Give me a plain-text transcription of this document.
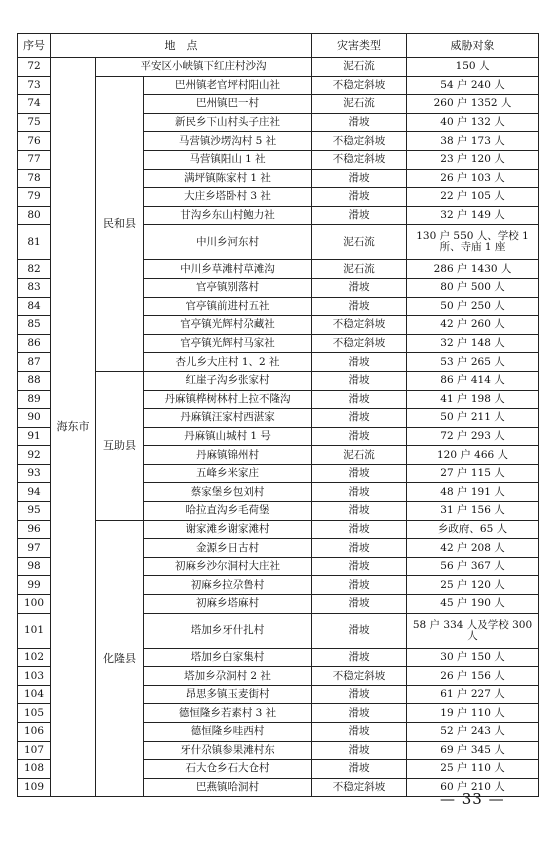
序号	地　点			灾害类型	威胁对象
72	海东市	平安区小峡镇下红庄村沙沟		泥石流	150 人
73		民和县	巴州镇老官坪村阳山社	不稳定斜坡	54 户 240 人
74			巴州镇巴一村	泥石流	260 户 1352 人
75			新民乡下山村头子庄社	滑坡	40 户 132 人
76			马营镇沙塄沟村 5 社	不稳定斜坡	38 户 173 人
77			马营镇阳山 1 社	不稳定斜坡	23 户 120 人
78			满坪镇陈家村 1 社	滑坡	26 户 103 人
79			大庄乡塔卧村 3 社	滑坡	22 户 105 人
80			甘沟乡东山村鲍力社	滑坡	32 户 149 人
81			中川乡河东村	泥石流	130 户 550 人、学校 1 所、寺庙 1 座
82			中川乡草滩村草滩沟	泥石流	286 户 1430 人
83			官亭镇别落村	滑坡	80 户 500 人
84			官亭镇前进村五社	滑坡	50 户 250 人
85			官亭镇光辉村尕藏社	不稳定斜坡	42 户 260 人
86			官亭镇光辉村马家社	不稳定斜坡	32 户 148 人
87			杏儿乡大庄村 1、2 社	滑坡	53 户 265 人
88		互助县	红崖子沟乡张家村	滑坡	86 户 414 人
89			丹麻镇桦树林村上拉不隆沟	滑坡	41 户 198 人
90			丹麻镇汪家村西湛家	滑坡	50 户 211 人
91			丹麻镇山城村 1 号	滑坡	72 户 293 人
92			丹麻镇锦州村	泥石流	120 户 466 人
93			五峰乡米家庄	滑坡	27 户 115 人
94			蔡家堡乡包刘村	滑坡	48 户 191 人
95			哈拉直沟乡毛荷堡	滑坡	31 户 156 人
96		化隆县	谢家滩乡谢家滩村	滑坡	乡政府、65 人
97			金源乡日古村	滑坡	42 户 208 人
98			初麻乡沙尔洞村大庄社	滑坡	56 户 367 人
99			初麻乡拉尕鲁村	滑坡	25 户 120 人
100			初麻乡塔麻村	滑坡	45 户 190 人
101			塔加乡牙什扎村	滑坡	58 户 334 人及学校 300 人
102			塔加乡白家集村	滑坡	30 户 150 人
103			塔加乡尕洞村 2 社	不稳定斜坡	26 户 156 人
104			昂思多镇玉麦街村	滑坡	61 户 227 人
105			德恒隆乡若素村 3 社	滑坡	19 户 110 人
106			德恒隆乡哇西村	滑坡	52 户 243 人
107			牙什尕镇参果滩村东	滑坡	69 户 345 人
108			石大仓乡石大仓村	滑坡	25 户 110 人
109			巴燕镇哈洞村	不稳定斜坡	60 户 210 人
— 33 —
